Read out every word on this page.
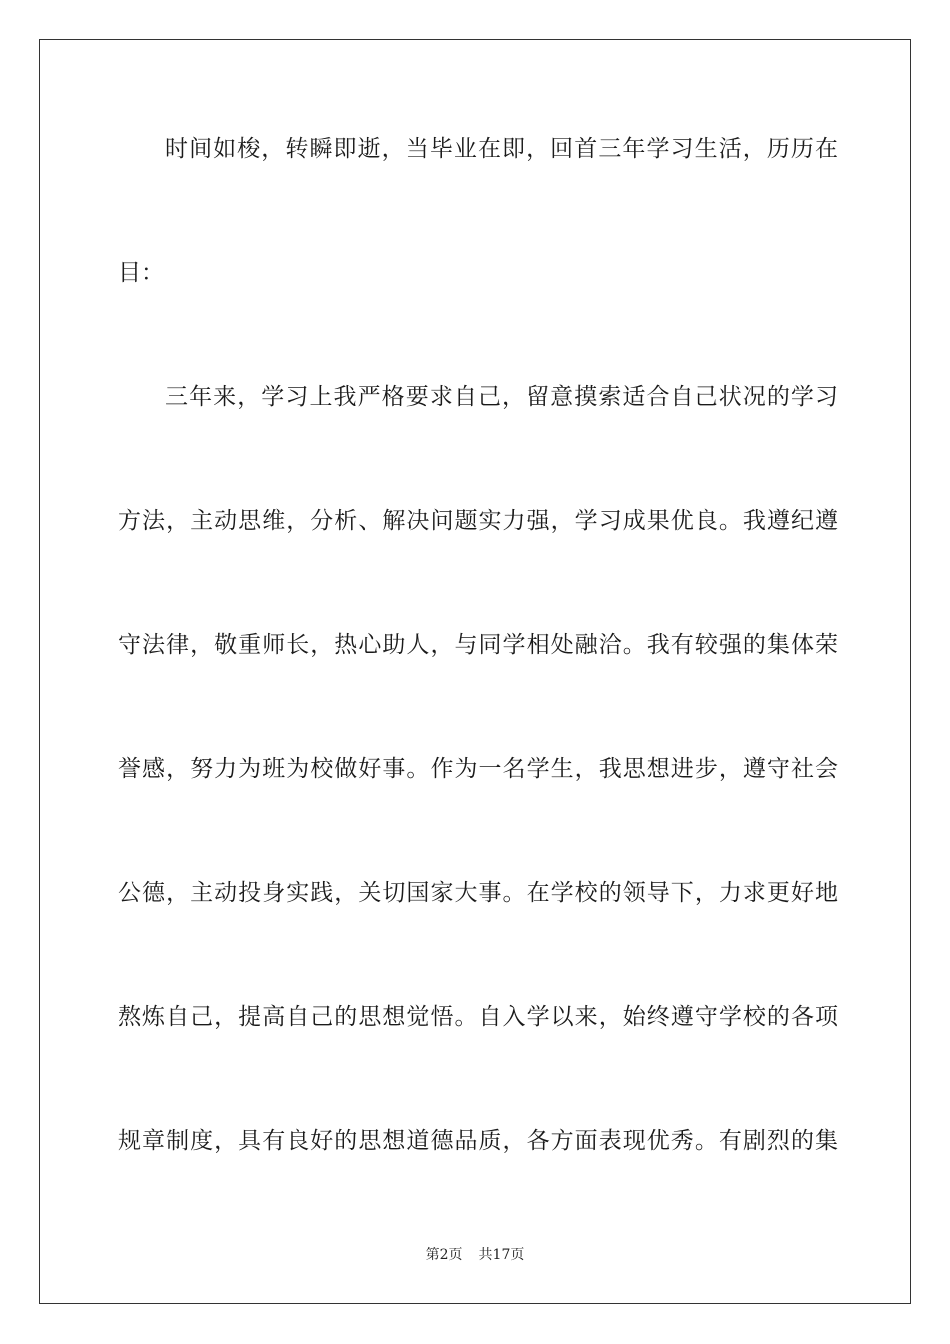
时间如梭，转瞬即逝，当毕业在即，回首三年学习生活，历历在
目：
三年来，学习上我严格要求自己，留意摸索适合自己状况的学习
方法，主动思维，分析、解决问题实力强，学习成果优良。我遵纪遵
守法律，敬重师长，热心助人，与同学相处融洽。我有较强的集体荣
誉感，努力为班为校做好事。作为一名学生，我思想进步，遵守社会
公德，主动投身实践，关切国家大事。在学校的领导下，力求更好地
熬炼自己，提高自己的思想觉悟。自入学以来，始终遵守学校的各项
规章制度，具有良好的思想道德品质，各方面表现优秀。有剧烈的集
第2页 共17页
